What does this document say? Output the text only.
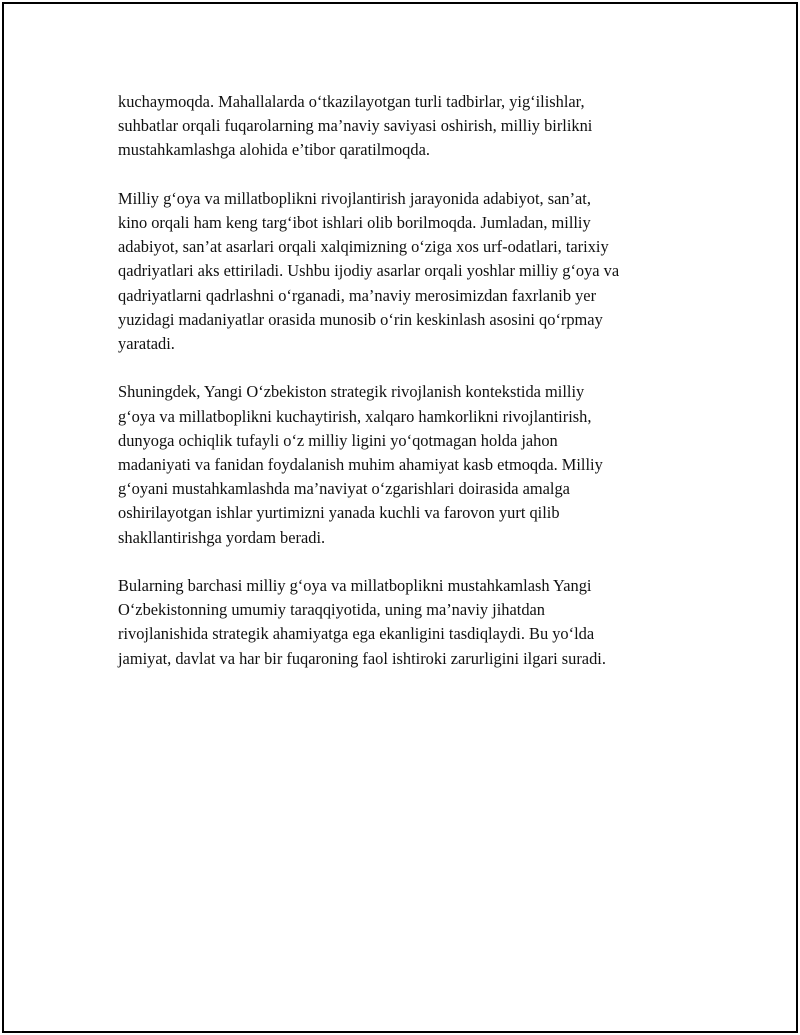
kuchaymoqda. Mahallalarda o‘tkazilayotgan turli tadbirlar, yig‘ilishlar,
suhbatlar orqali fuqarolarning ma’naviy saviyasi oshirish, milliy birlikni
mustahkamlashga alohida e’tibor qaratilmoqda.

Milliy g‘oya va millatboplikni rivojlantirish jarayonida adabiyot, san’at,
kino orqali ham keng targ‘ibot ishlari olib borilmoqda. Jumladan, milliy
adabiyot, san’at asarlari orqali xalqimizning o‘ziga xos urf-odatlari, tarixiy
qadriyatlari aks ettiriladi. Ushbu ijodiy asarlar orqali yoshlar milliy g‘oya va
qadriyatlarni qadrlashni o‘rganadi, ma’naviy merosimizdan faxrlanib yer
yuzidagi madaniyatlar orasida munosib o‘rin keskinlash asosini qo‘rpmay
yaratadi.

Shuningdek, Yangi O‘zbekiston strategik rivojlanish kontekstida milliy
g‘oya va millatboplikni kuchaytirish, xalqaro hamkorlikni rivojlantirish,
dunyoga ochiqlik tufayli o‘z milliy ligini yo‘qotmagan holda jahon
madaniyati va fanidan foydalanish muhim ahamiyat kasb etmoqda. Milliy
g‘oyani mustahkamlashda ma’naviyat o‘zgarishlari doirasida amalga
oshirilayotgan ishlar yurtimizni yanada kuchli va farovon yurt qilib
shakllantirishga yordam beradi.

Bularning barchasi milliy g‘oya va millatboplikni mustahkamlash Yangi
O‘zbekistonning umumiy taraqqiyotida, uning ma’naviy jihatdan
rivojlanishida strategik ahamiyatga ega ekanligini tasdiqlaydi. Bu yo‘lda
jamiyat, davlat va har bir fuqaroning faol ishtiroki zarurligini ilgari suradi.
